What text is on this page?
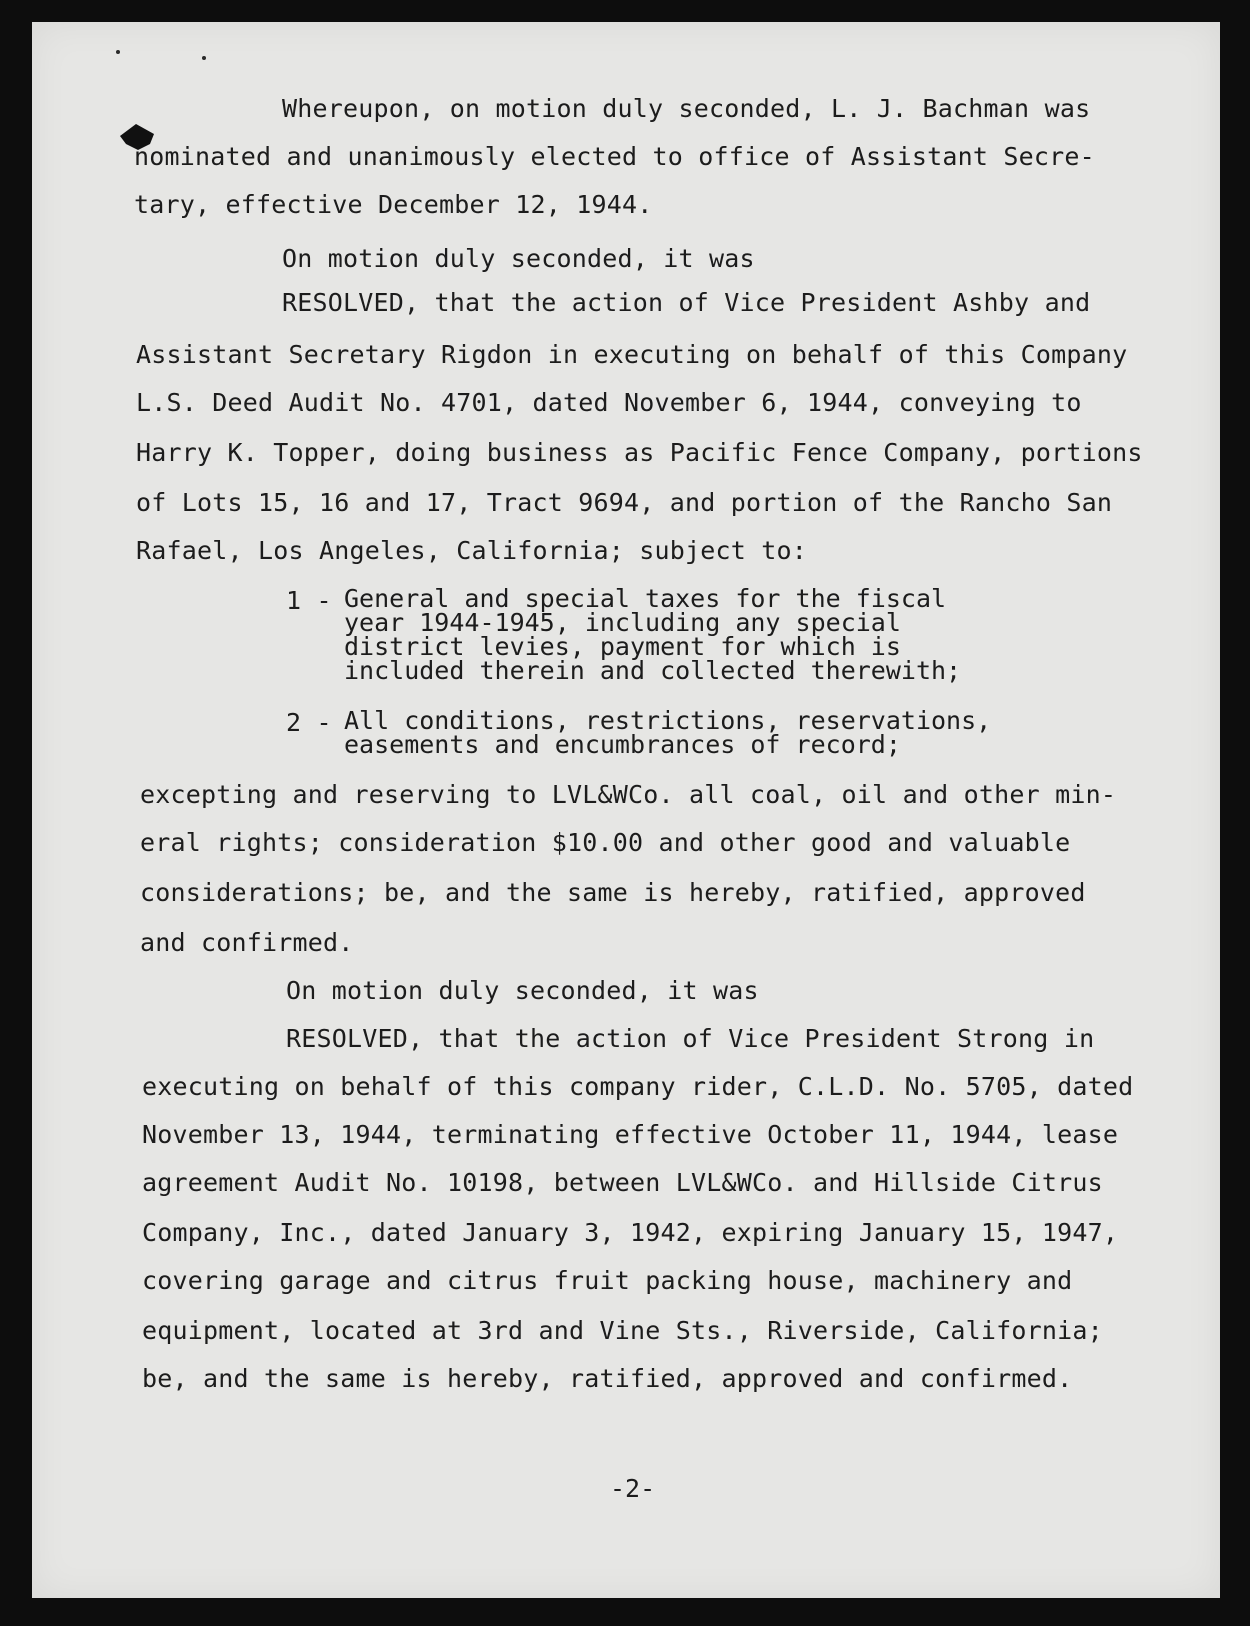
Whereupon, on motion duly seconded, L. J. Bachman was
nominated and unanimously elected to office of Assistant Secre-
tary, effective December 12, 1944.
On motion duly seconded, it was
RESOLVED, that the action of Vice President Ashby and
Assistant Secretary Rigdon in executing on behalf of this Company
L.S. Deed Audit No. 4701, dated November 6, 1944, conveying to
Harry K. Topper, doing business as Pacific Fence Company, portions
of Lots 15, 16 and 17, Tract 9694, and portion of the Rancho San
Rafael, Los Angeles, California; subject to:
1 - General and special taxes for the fiscal
year 1944-1945, including any special
district levies, payment for which is
included therein and collected therewith;
2 - All conditions, restrictions, reservations,
easements and encumbrances of record;
excepting and reserving to LVL&WCo. all coal, oil and other min-
eral rights; consideration $10.00 and other good and valuable
considerations; be, and the same is hereby, ratified, approved
and confirmed.
On motion duly seconded, it was
RESOLVED, that the action of Vice President Strong in
executing on behalf of this company rider, C.L.D. No. 5705, dated
November 13, 1944, terminating effective October 11, 1944, lease
agreement Audit No. 10198, between LVL&WCo. and Hillside Citrus
Company, Inc., dated January 3, 1942, expiring January 15, 1947,
covering garage and citrus fruit packing house, machinery and
equipment, located at 3rd and Vine Sts., Riverside, California;
be, and the same is hereby, ratified, approved and confirmed.
-2-
